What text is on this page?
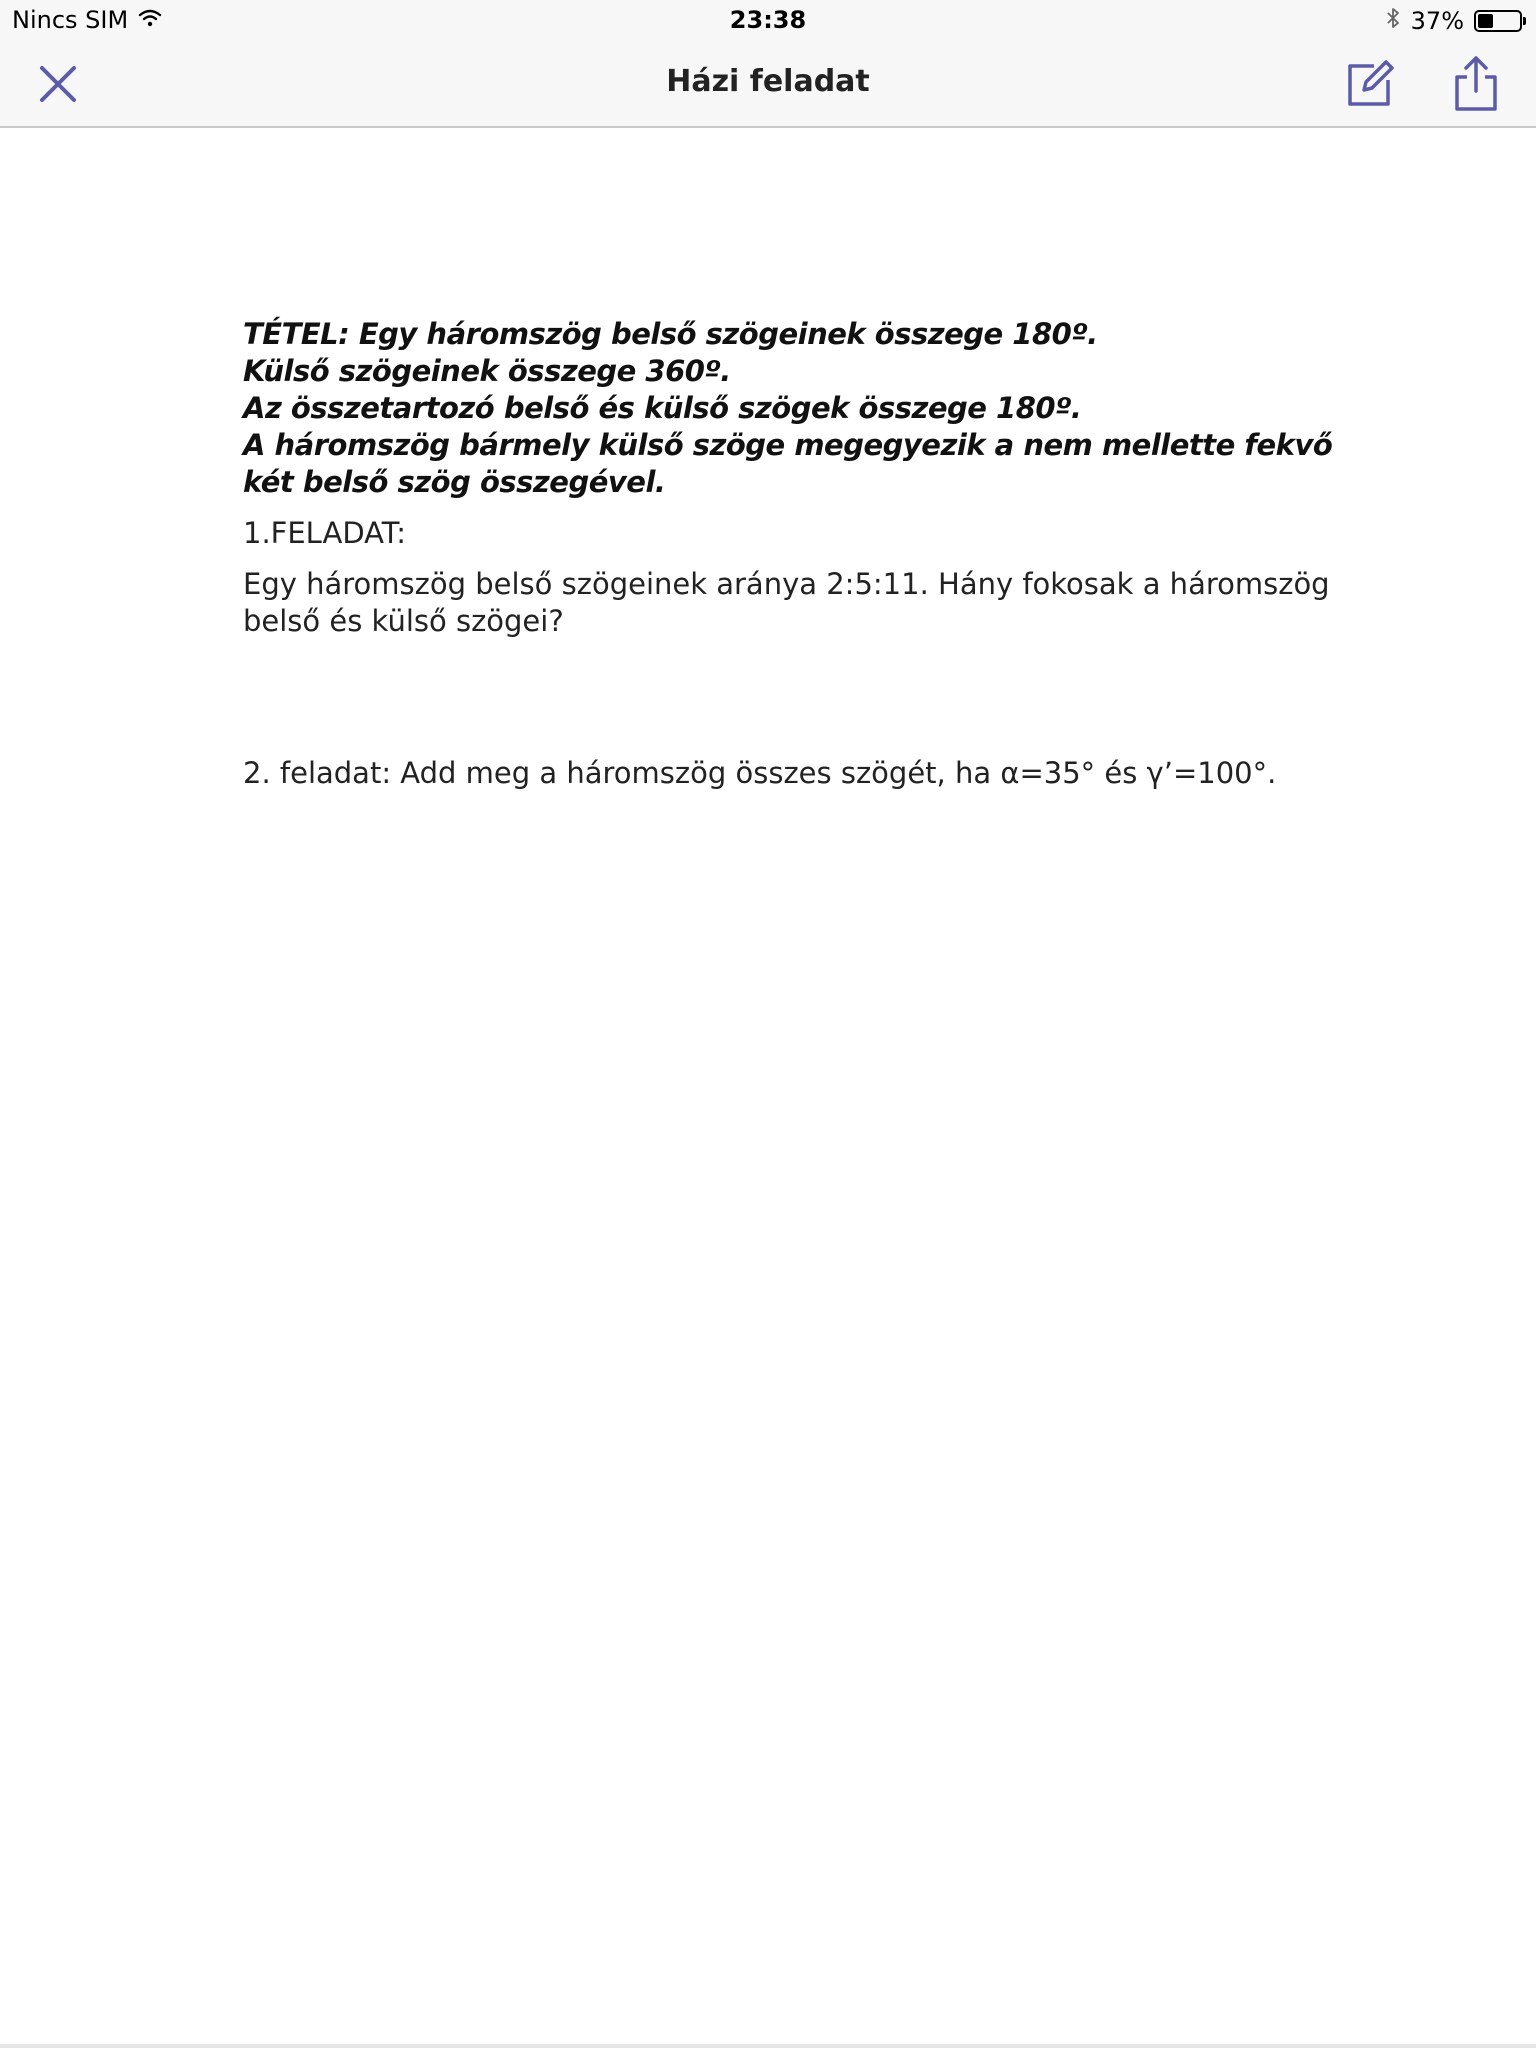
Nincs SIM	23:38	37%
Házi feladat

TÉTEL: Egy háromszög belső szögeinek összege 180º.
Külső szögeinek összege 360º.
Az összetartozó belső és külső szögek összege 180º.
A háromszög bármely külső szöge megegyezik a nem mellette fekvő két belső szög összegével.

1.FELADAT:

Egy háromszög belső szögeinek aránya 2:5:11. Hány fokosak a háromszög belső és külső szögei?

2. feladat: Add meg a háromszög összes szögét, ha α=35° és γ’=100°.
